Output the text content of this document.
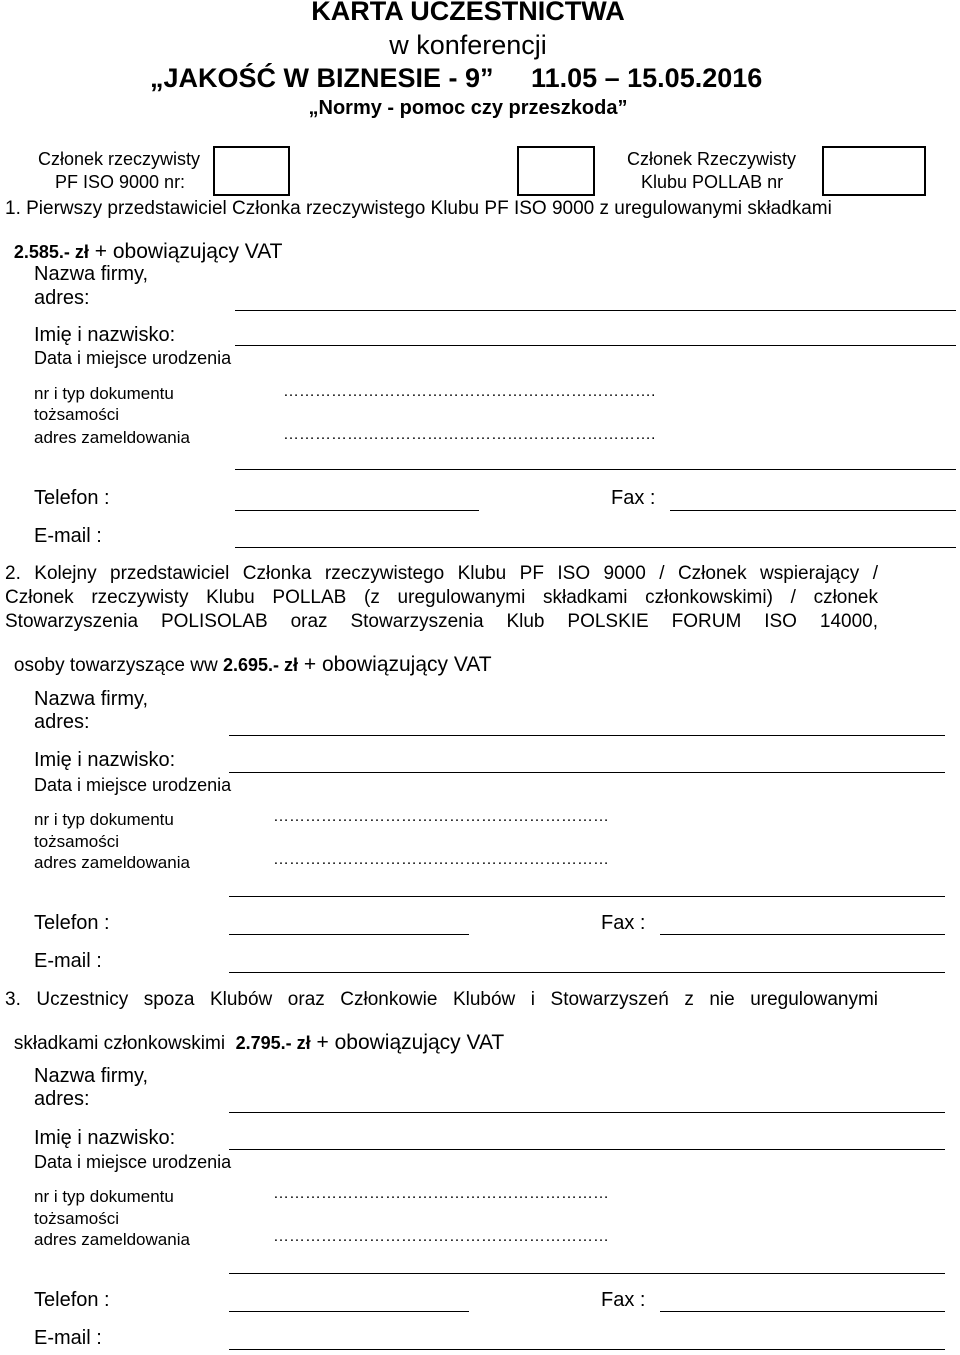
KARTA UCZESTNICTWA
w konferencji
„JAKOŚĆ W BIZNESIE - 9”     11.05 – 15.05.2016
„Normy - pomoc czy przeszkoda”
Członek rzeczywisty
PF ISO 9000 nr:
Członek Rzeczywisty
Klubu POLLAB nr
1. Pierwszy przedstawiciel Członka rzeczywistego Klubu PF ISO 9000 z uregulowanymi składkami

2.585.- zł + obowiązujący VAT

Nazwa firmy,
adres:
Imię i nazwisko:
Data i miejsce urodzenia
nr i typ dokumentu
tożsamości
…………………………………………………………….
adres zameldowania	…………………………………………………………….
Telefon :	Fax :
E-mail :
2. Kolejny przedstawiciel Członka rzeczywistego Klubu PF ISO 9000 / Członek wspierający /
Członek rzeczywisty Klubu POLLAB (z uregulowanymi składkami członkowskimi) / członek
Stowarzyszenia POLISOLAB oraz Stowarzyszenia Klub POLSKIE FORUM ISO 14000,

osoby towarzyszące ww 2.695.- zł + obowiązujący VAT

Nazwa firmy,
adres:
Imię i nazwisko:
Data i miejsce urodzenia
nr i typ dokumentu
tożsamości
………………………………………………………
adres zameldowania	………………………………………………………
Telefon :	Fax :
E-mail :
3. Uczestnicy spoza Klubów oraz Członkowie Klubów i Stowarzyszeń z nie uregulowanymi

składkami członkowskimi  2.795.- zł + obowiązujący VAT

Nazwa firmy,
adres:
Imię i nazwisko:
Data i miejsce urodzenia
nr i typ dokumentu
tożsamości
………………………………………………………
adres zameldowania	………………………………………………………
Telefon :	Fax :
E-mail :
